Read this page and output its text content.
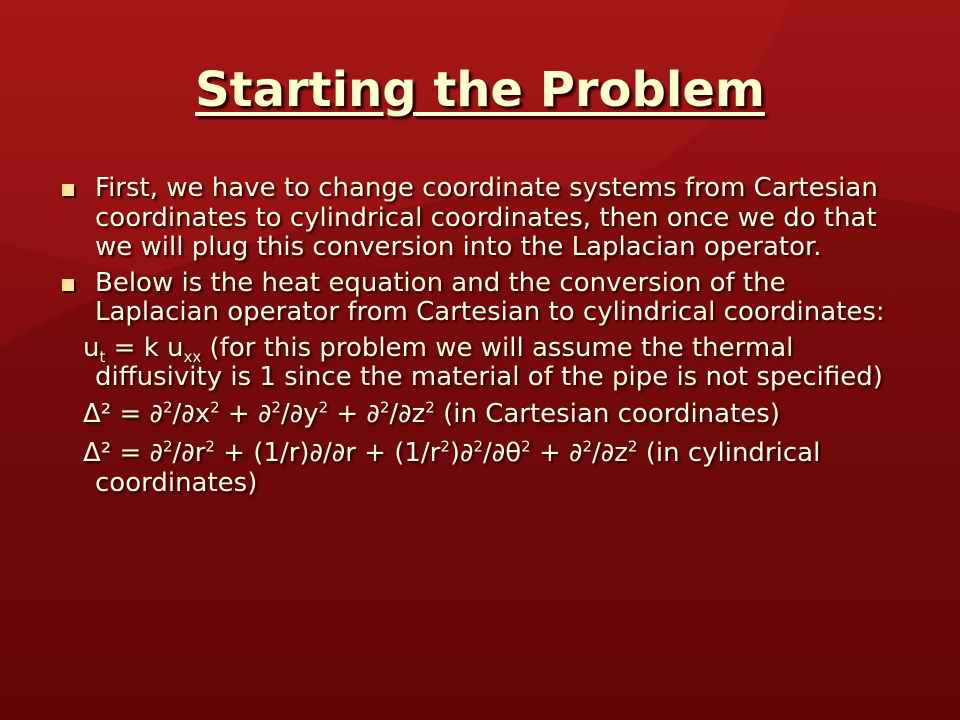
Starting the Problem
First, we have to change coordinate systems from Cartesian coordinates to cylindrical coordinates, then once we do that we will plug this conversion into the Laplacian operator.
Below is the heat equation and the conversion of the Laplacian operator from Cartesian to cylindrical coordinates:
$u_t = k$ $u_{xx}$ (for this problem we will assume the thermal diffusivity is 1 since the material of the pipe is not specified)
$\Delta^2 = \partial^2/\partial x^2 + \partial^2/\partial y^2 + \partial^2/\partial z^2$ (in Cartesian coordinates)
$\Delta^2 = \partial^2/\partial r^2 + (1/r)\partial/\partial r + (1/r^2)\partial^2/\partial\theta^2 + \partial^2/\partial z^2$ (in cylindrical coordinates)
